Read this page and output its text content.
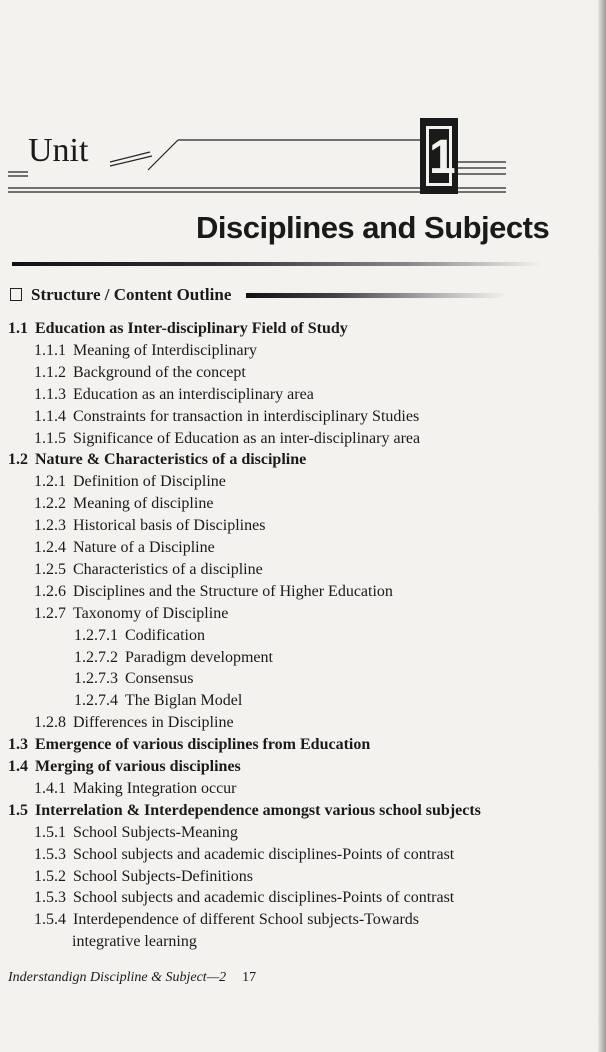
Unit	1
Disciplines and Subjects
Structure / Content Outline
1.1 Education as Inter-disciplinary Field of Study
1.1.1 Meaning of Interdisciplinary
1.1.2 Background of the concept
1.1.3 Education as an interdisciplinary area
1.1.4 Constraints for transaction in interdisciplinary Studies
1.1.5 Significance of Education as an inter-disciplinary area
1.2 Nature & Characteristics of a discipline
1.2.1 Definition of Discipline
1.2.2 Meaning of discipline
1.2.3 Historical basis of Disciplines
1.2.4 Nature of a Discipline
1.2.5 Characteristics of a discipline
1.2.6 Disciplines and the Structure of Higher Education
1.2.7 Taxonomy of Discipline
1.2.7.1 Codification
1.2.7.2 Paradigm development
1.2.7.3 Consensus
1.2.7.4 The Biglan Model
1.2.8 Differences in Discipline
1.3 Emergence of various disciplines from Education
1.4 Merging of various disciplines
1.4.1 Making Integration occur
1.5 Interrelation & Interdependence amongst various school subjects
1.5.1 School Subjects-Meaning
1.5.3 School subjects and academic disciplines-Points of contrast
1.5.2 School Subjects-Definitions
1.5.3 School subjects and academic disciplines-Points of contrast
1.5.4 Interdependence of different School subjects-Towards
integrative learning
Inderstandign Discipline & Subject—2 17
